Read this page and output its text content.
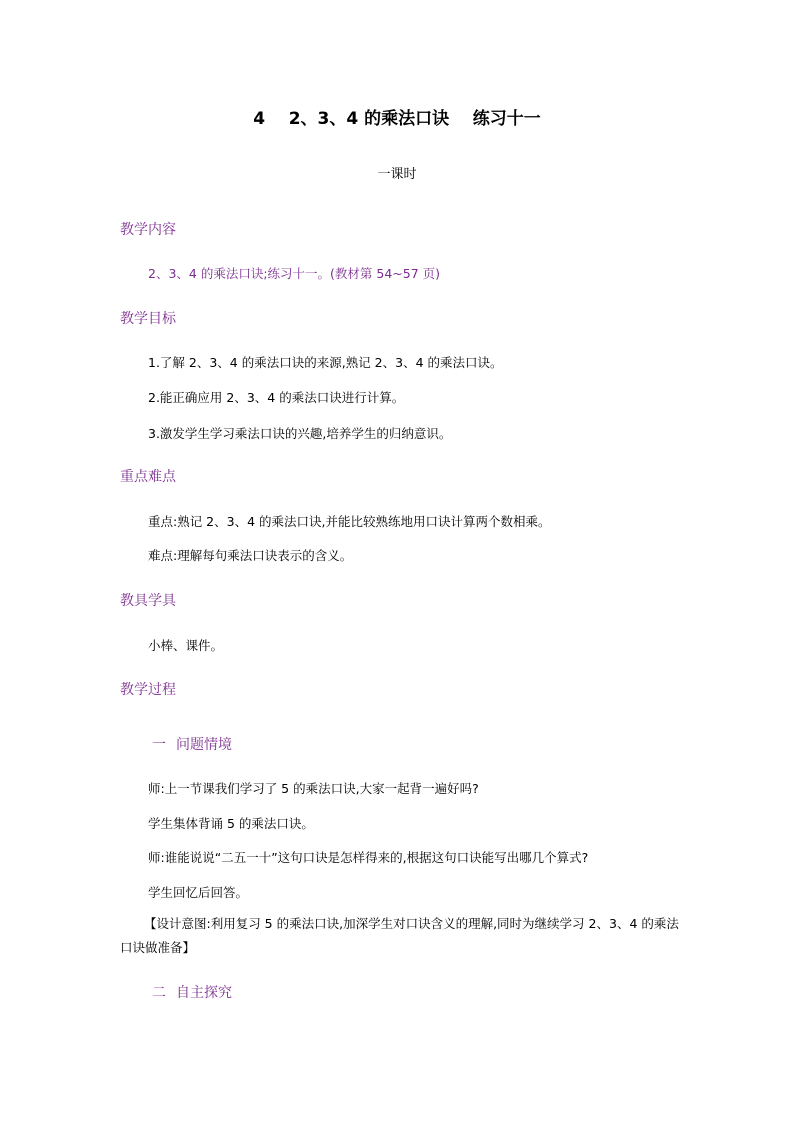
4    2、3、4 的乘法口诀    练习十一
一课时
教学内容
2、3、4 的乘法口诀;练习十一。(教材第 54~57 页)
教学目标
1.了解 2、3、4 的乘法口诀的来源,熟记 2、3、4 的乘法口诀。
2.能正确应用 2、3、4 的乘法口诀进行计算。
3.激发学生学习乘法口诀的兴趣,培养学生的归纳意识。
重点难点
重点:熟记 2、3、4 的乘法口诀,并能比较熟练地用口诀计算两个数相乘。
难点:理解每句乘法口诀表示的含义。
教具学具
小棒、课件。
教学过程
一 问题情境
师:上一节课我们学习了 5 的乘法口诀,大家一起背一遍好吗?
学生集体背诵 5 的乘法口诀。
师:谁能说说“二五一十”这句口诀是怎样得来的,根据这句口诀能写出哪几个算式?
学生回忆后回答。
【设计意图:利用复习 5 的乘法口诀,加深学生对口诀含义的理解,同时为继续学习 2、3、4 的乘法口诀做准备】
二 自主探究
